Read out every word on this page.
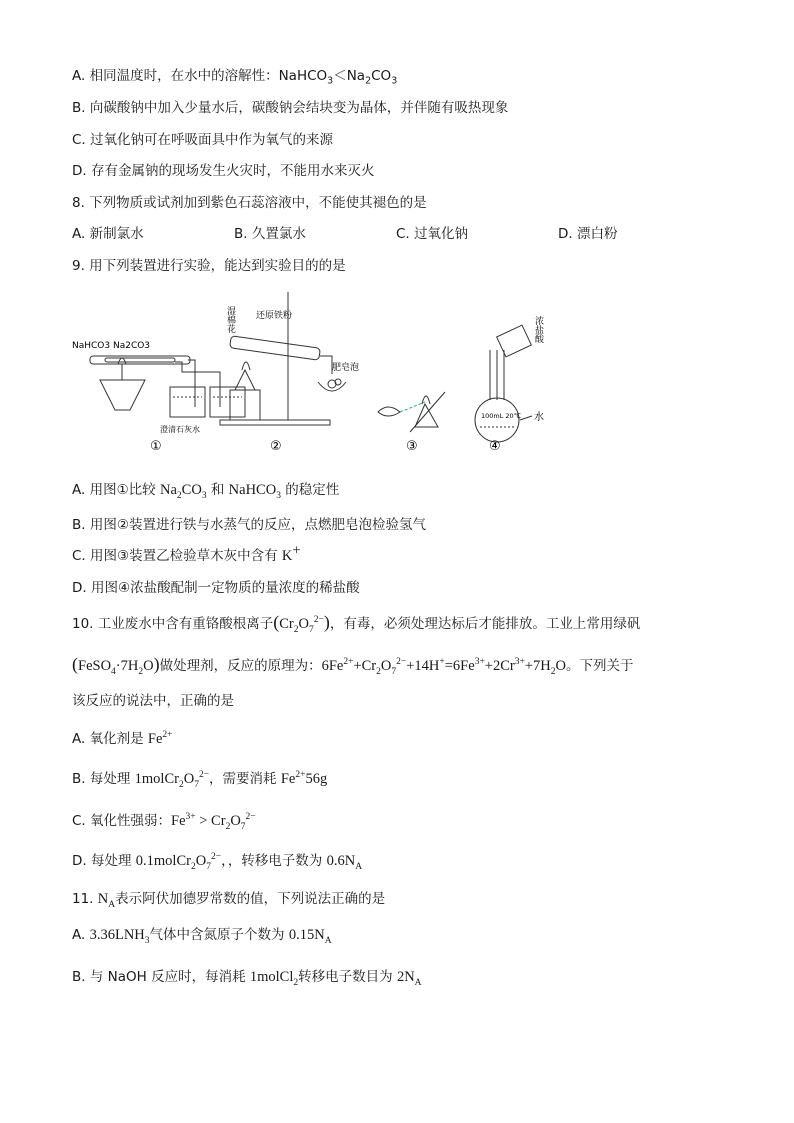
A. 相同温度时，在水中的溶解性：$NaHCO_3<Na_2CO_3$
B. 向碳酸钠中加入少量水后，碳酸钠会结块变为晶体，并伴随有吸热现象
C. 过氧化钠可在呼吸面具中作为氧气的来源
D. 存有金属钠的现场发生火灾时，不能用水来灭火
8. 下列物质或试剂加到紫色石蕊溶液中，不能使其褪色的是
A. 新制氯水	B. 久置氯水	C. 过氧化钠	D. 漂白粉
9. 用下列装置进行实验，能达到实验目的的是
NaHCO3 Na2CO3
澄清石灰水
①
湿棉花 还原铁粉
肥皂泡
②	③
浓盐酸
100mL 20℃ 水
④
A. 用图①比较 $Na_2CO_3$ 和 NaHCO$_3$ 的稳定性
B. 用图②装置进行铁与水蒸气的反应，点燃肥皂泡检验氢气
C. 用图③装置乙检验草木灰中含有 K+
D. 用图④浓盐酸配制一定物质的量浓度的稀盐酸
10. 工业废水中含有重铬酸根离子$(Cr_2O_7^{2-})$，有毒，必须处理达标后才能排放。工业上常用绿矾
$(FeSO_4\cdot 7H_2O)$做处理剂，反应的原理为：$6Fe^{2+}+Cr_2O_7^{2-}+14H^+=6Fe^{3+}+2Cr^{3+}+7H_2O$。下列关于
该反应的说法中，正确的是
A. 氧化剂是 $Fe^{2+}$
B. 每处理 $1molCr_2O_7^{2-}$，需要消耗 $Fe^{2+}56g$
C. 氧化性强弱：$Fe^{3+} > Cr_2O_7^{2-}$
D. 每处理 $0.1molCr_2O_7^{2-}$，，转移电子数为 $0.6N_A$
11. $N_A$表示阿伏加德罗常数的值，下列说法正确的是
A. $3.36LNH_3$气体中含氮原子个数为 $0.15N_A$
B. 与 NaOH 反应时，每消耗 1molCl$_2$转移电子数目为 $2N_A$
